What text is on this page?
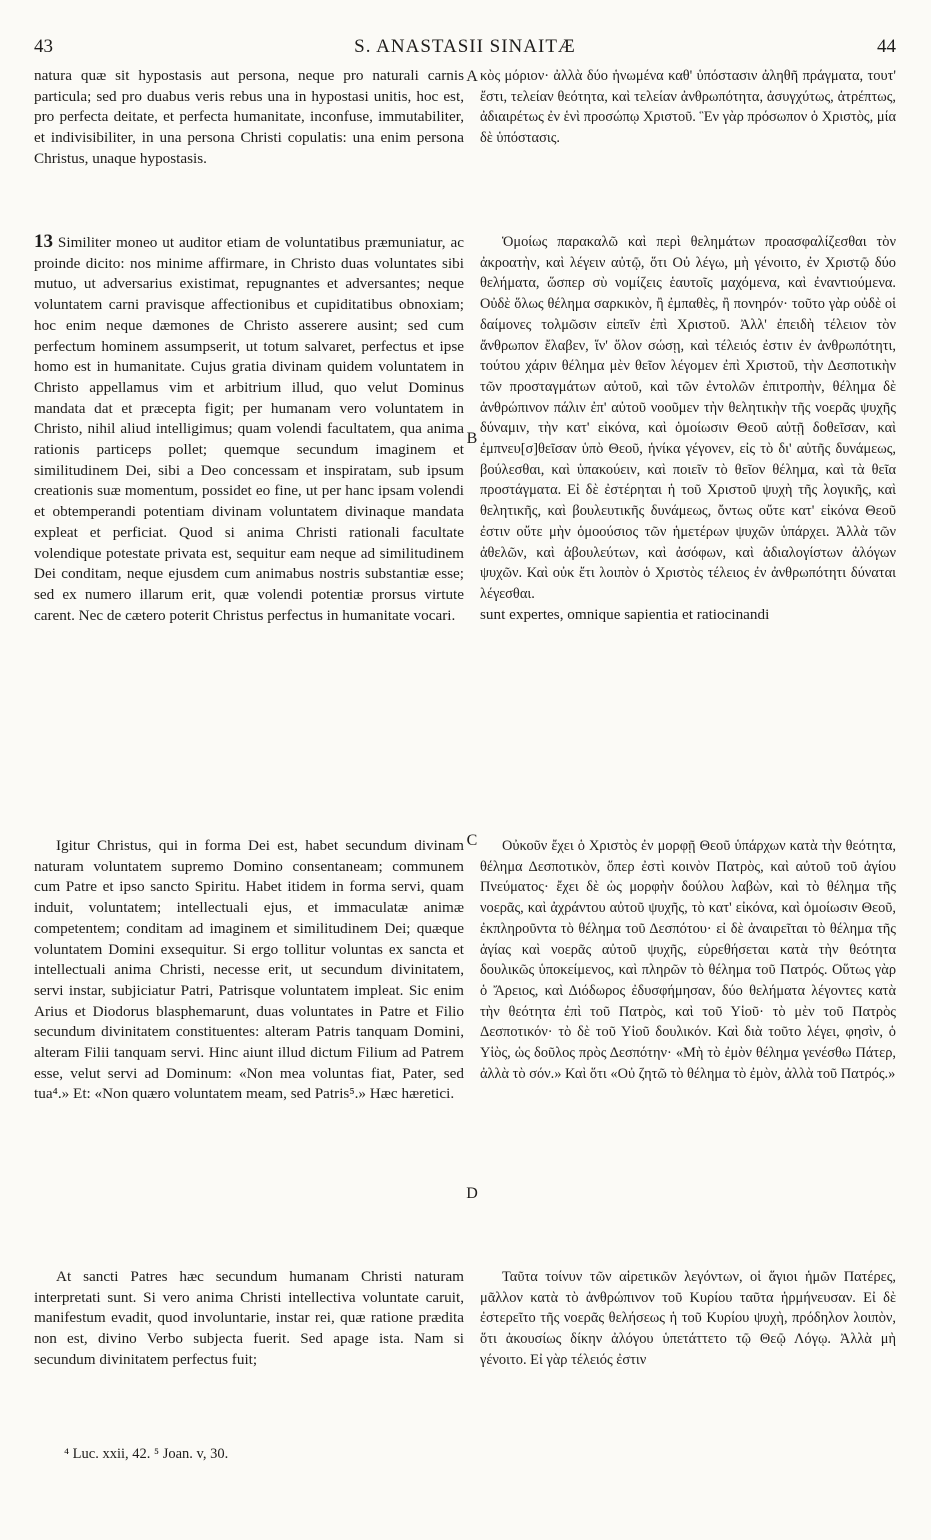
43	S. ANASTASII SINAITÆ	44

natura quæ sit hypostasis aut persona, neque pro naturali carnis particula; sed pro duabus veris rebus una in hypostasi unitis, hoc est, pro perfecta deitate, et perfecta humanitate, inconfuse, immutabiliter, et indivisibiliter, in una persona Christi copulatis: una enim persona Christus, unaque hypostasis.

13 Similiter moneo ut auditor etiam de voluntatibus præmuniatur, ac proinde dicito: nos minime affirmare, in Christo duas voluntates sibi mutuo, ut adversarius existimat, repugnantes et adversantes; neque voluntatem carni pravisque affectionibus et cupiditatibus obnoxiam; hoc enim neque dæmones de Christo asserere ausint; sed cum perfectum hominem assumpserit, ut totum salvaret, perfectus et ipse homo est in humanitate. Cujus gratia divinam quidem voluntatem in Christo appellamus vim et arbitrium illud, quo velut Dominus mandata dat et præcepta figit; per humanam vero voluntatem in Christo, nihil aliud intelligimus; quam volendi facultatem, qua anima rationis particeps pollet; quemque secundum imaginem et similitudinem Dei, sibi a Deo concessam et inspiratam, sub ipsum creationis suæ momentum, possidet eo fine, ut per hanc ipsam volendi et obtemperandi potentiam divinam voluntatem divinaque mandata expleat et perficiat. Quod si anima Christi rationali facultate volendique potestate privata est, sequitur eam neque ad similitudinem Dei conditam, neque ejusdem cum animabus nostris substantiæ esse; sed ex numero illarum erit, quæ volendi potentiæ prorsus virtute carent. Nec de cætero poterit Christus perfectus in humanitate vocari.

Igitur Christus, qui in forma Dei est, habet secundum divinam naturam voluntatem supremo Domino consentaneam; communem cum Patre et ipso sancto Spiritu. Habet itidem in forma servi, quam induit, voluntatem; intellectuali ejus, et immaculatæ animæ competentem; conditam ad imaginem et similitudinem Dei; quæque voluntatem Domini exsequitur. Si ergo tollitur voluntas ex sancta et intellectuali anima Christi, necesse erit, ut secundum divinitatem, servi instar, subjiciatur Patri, Patrisque voluntatem impleat. Sic enim Arius et Diodorus blasphemarunt, duas voluntates in Patre et Filio secundum divinitatem constituentes: alteram Patris tanquam Domini, alteram Filii tanquam servi. Hinc aiunt illud dictum Filium ad Patrem esse, velut servi ad Dominum: «Non mea voluntas fiat, Pater, sed tua⁴.» Et: «Non quæro voluntatem meam, sed Patris⁵.» Hæc hæretici.

At sancti Patres hæc secundum humanam Christi naturam interpretati sunt. Si vero anima Christi intellectiva voluntate caruit, manifestum evadit, quod involuntarie, instar rei, quæ ratione prædita non est, divino Verbo subjecta fuerit. Sed apage ista. Nam si secundum divinitatem perfectus fuit;

κὸς μόριον· ἀλλὰ δύο ἡνωμένα καθ' ὑπόστασιν ἀληθῆ πράγματα, τουτ' ἔστι, τελείαν θεότητα, καὶ τελείαν ἀνθρωπότητα, ἀσυγχύτως, ἀτρέπτως, ἀδιαιρέτως ἐν ἑνὶ προσώπῳ Χριστοῦ. Ἓν γὰρ πρόσωπον ὁ Χριστὸς, μία δὲ ὑπόστασις.

Ὁμοίως παρακαλῶ καὶ περὶ θελημάτων προασφαλίζεσθαι τὸν ἀκροατὴν, καὶ λέγειν αὐτῷ, ὅτι Οὐ λέγω, μὴ γένοιτο, ἐν Χριστῷ δύο θελήματα, ὥσπερ σὺ νομίζεις ἑαυτοῖς μαχόμενα, καὶ ἐναντιούμενα. Οὐδὲ ὅλως θέλημα σαρκικὸν, ἢ ἐμπαθὲς, ἢ πονηρόν· τοῦτο γὰρ οὐδὲ οἱ δαίμονες τολμῶσιν εἰπεῖν ἐπὶ Χριστοῦ. Ἀλλ' ἐπειδὴ τέλειον τὸν ἄνθρωπον ἔλαβεν, ἵν' ὅλον σώσῃ, καὶ τέλειός ἐστιν ἐν ἀνθρωπότητι, τούτου χάριν θέλημα μὲν θεῖον λέγομεν ἐπὶ Χριστοῦ, τὴν Δεσποτικὴν τῶν προσταγμάτων αὐτοῦ, καὶ τῶν ἐντολῶν ἐπιτροπὴν, θέλημα δὲ ἀνθρώπινον πάλιν ἐπ' αὐτοῦ νοοῦμεν τὴν θελητικὴν τῆς νοερᾶς ψυχῆς δύναμιν, τὴν κατ' εἰκόνα, καὶ ὁμοίωσιν Θεοῦ αὐτῇ δοθεῖσαν, καὶ ἐμπνευ[σ]θεῖσαν ὑπὸ Θεοῦ, ἡνίκα γέγονεν, εἰς τὸ δι' αὐτῆς δυνάμεως, βούλεσθαι, καὶ ὑπακούειν, καὶ ποιεῖν τὸ θεῖον θέλημα, καὶ τὰ θεῖα προστάγματα. Εἰ δὲ ἐστέρηται ἡ τοῦ Χριστοῦ ψυχὴ τῆς λογικῆς, καὶ θελητικῆς, καὶ βουλευτικῆς δυνάμεως, ὄντως οὔτε κατ' εἰκόνα Θεοῦ ἐστιν οὔτε μὴν ὁμοούσιος τῶν ἡμετέρων ψυχῶν ὑπάρχει. Ἀλλὰ τῶν ἀθελῶν, καὶ ἀβουλεύτων, καὶ ἀσόφων, καὶ ἀδιαλογίστων ἀλόγων ψυχῶν. Καὶ οὐκ ἔτι λοιπὸν ὁ Χριστὸς τέλειος ἐν ἀνθρωπότητι δύναται λέγεσθαι.

sunt expertes, omnique sapientia et ratiocinandi

Οὐκοῦν ἔχει ὁ Χριστὸς ἐν μορφῇ Θεοῦ ὑπάρχων κατὰ τὴν θεότητα, θέλημα Δεσποτικὸν, ὅπερ ἐστὶ κοινὸν Πατρὸς, καὶ αὐτοῦ τοῦ ἁγίου Πνεύματος· ἔχει δὲ ὡς μορφὴν δούλου λαβὼν, καὶ τὸ θέλημα τῆς νοερᾶς, καὶ ἀχράντου αὐτοῦ ψυχῆς, τὸ κατ' εἰκόνα, καὶ ὁμοίωσιν Θεοῦ, ἐκπληροῦντα τὸ θέλημα τοῦ Δεσπότου· εἰ δὲ ἀναιρεῖται τὸ θέλημα τῆς ἁγίας καὶ νοερᾶς αὐτοῦ ψυχῆς, εὑρεθήσεται κατὰ τὴν θεότητα δουλικῶς ὑποκείμενος, καὶ πληρῶν τὸ θέλημα τοῦ Πατρός. Οὕτως γὰρ ὁ Ἄρειος, καὶ Διόδωρος ἐδυσφήμησαν, δύο θελήματα λέγοντες κατὰ τὴν θεότητα ἐπὶ τοῦ Πατρὸς, καὶ τοῦ Υἱοῦ· τὸ μὲν τοῦ Πατρὸς Δεσποτικόν· τὸ δὲ τοῦ Υἱοῦ δουλικόν. Καὶ διὰ τοῦτο λέγει, φησὶν, ὁ Υἱὸς, ὡς δοῦλος πρὸς Δεσπότην· «Μὴ τὸ ἐμὸν θέλημα γενέσθω Πάτερ, ἀλλὰ τὸ σόν.» Καὶ ὅτι «Οὐ ζητῶ τὸ θέλημα τὸ ἐμὸν, ἀλλὰ τοῦ Πατρός.»

Ταῦτα τοίνυν τῶν αἱρετικῶν λεγόντων, οἱ ἅγιοι ἡμῶν Πατέρες, μᾶλλον κατὰ τὸ ἀνθρώπινον τοῦ Κυρίου ταῦτα ἡρμήνευσαν. Εἰ δὲ ἐστερεῖτο τῆς νοερᾶς θελήσεως ἡ τοῦ Κυρίου ψυχὴ, πρόδηλον λοιπὸν, ὅτι ἀκουσίως δίκην ἀλόγου ὑπετάττετο τῷ Θεῷ Λόγῳ. Ἀλλὰ μὴ γένοιτο. Εἰ γὰρ τέλειός ἐστιν

A
B
C
D
⁴ Luc. xxii, 42. ⁵ Joan. v, 30.
